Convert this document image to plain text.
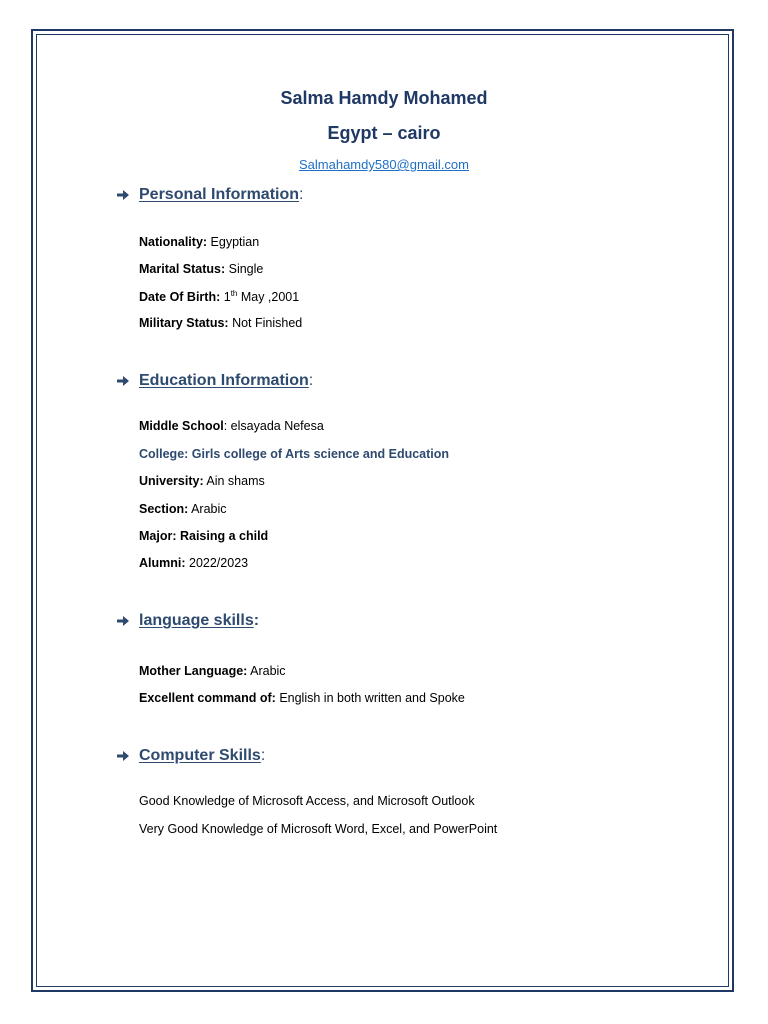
Salma Hamdy Mohamed
Egypt – cairo
Salmahamdy580@gmail.com
Personal Information :
Nationality: Egyptian
Marital Status: Single
Date Of Birth: 1th May ,2001
Military Status: Not Finished
Education Information :
Middle School: elsayada Nefesa
College: Girls college of Arts science and Education
University: Ain shams
Section: Arabic
Major: Raising a child
Alumni: 2022/2023
language skills :
Mother Language: Arabic
Excellent command of: English in both written and Spoke
Computer Skills :
Good Knowledge of Microsoft Access, and Microsoft Outlook
Very Good Knowledge of Microsoft Word, Excel, and PowerPoint
